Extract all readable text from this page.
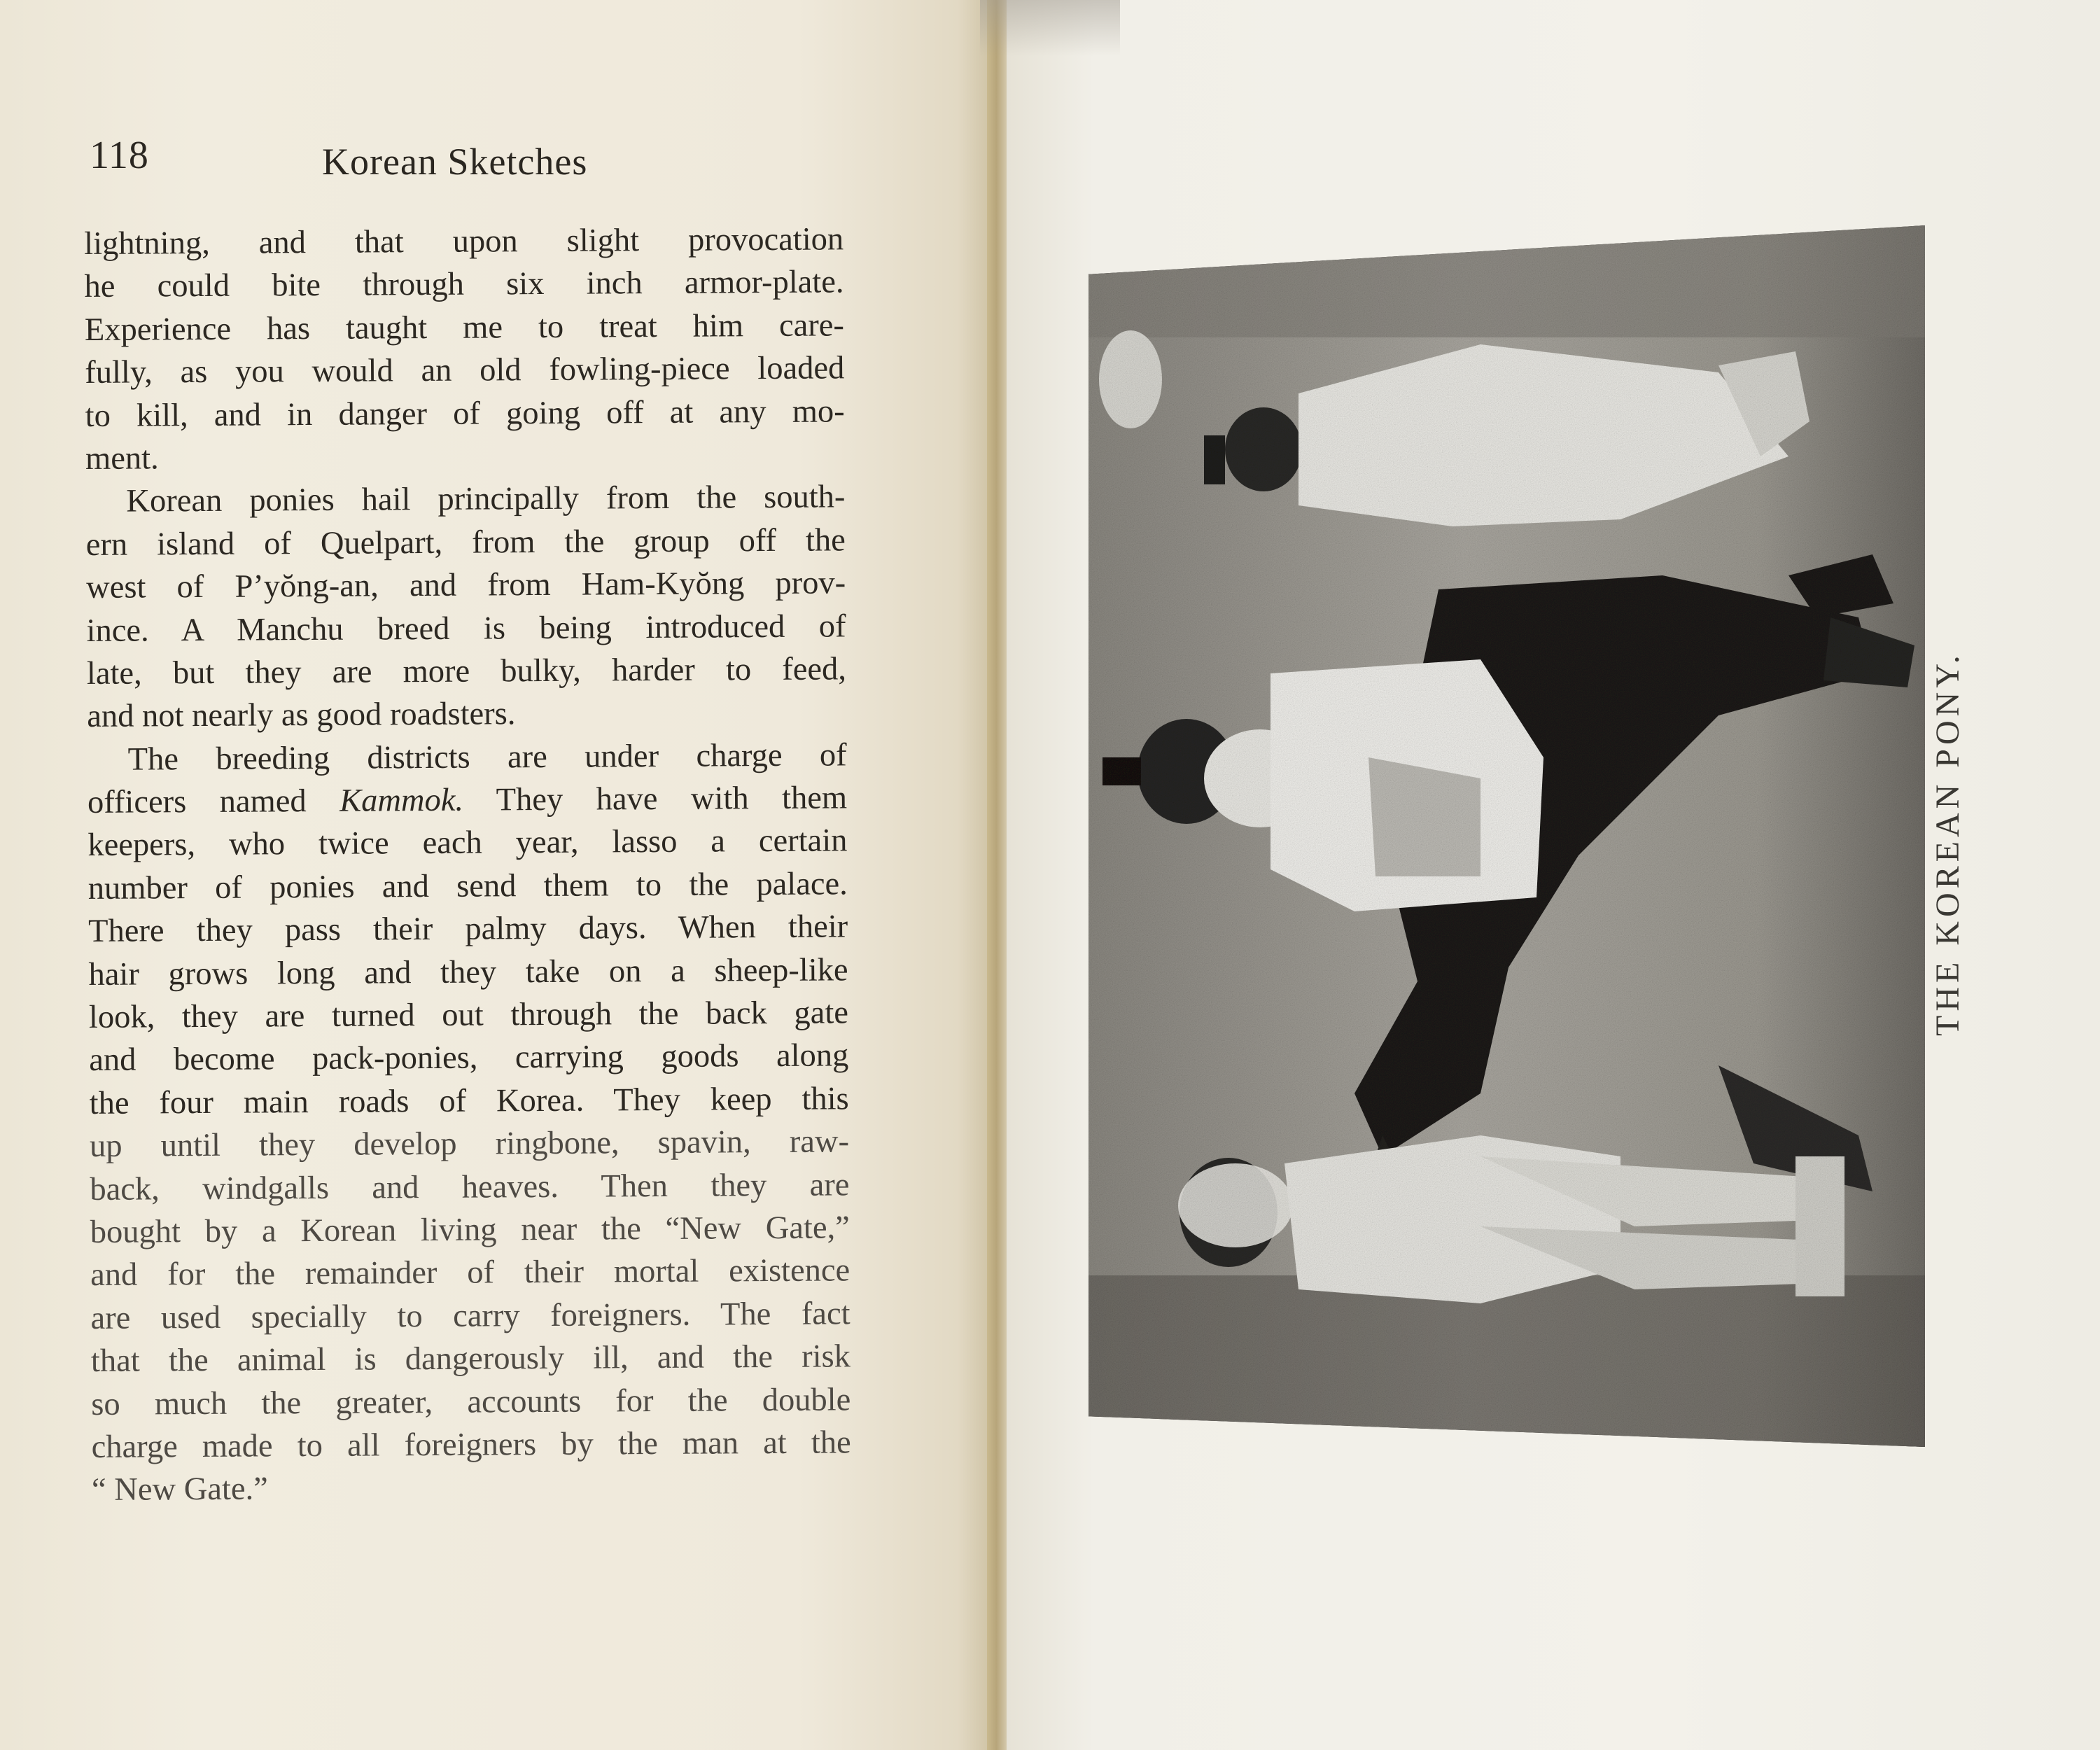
118	Korean Sketches
lightning, and that upon slight provocation
he could bite through six inch armor-plate.
Experience has taught me to treat him care-
fully, as you would an old fowling-piece loaded
to kill, and in danger of going off at any mo-
ment.
Korean ponies hail principally from the south-
ern island of Quelpart, from the group off the
west of P’yŏng-an, and from Ham-Kyŏng prov-
ince. A Manchu breed is being introduced of
late, but they are more bulky, harder to feed,
and not nearly as good roadsters.
The breeding districts are under charge of
officers named Kammok. They have with them
keepers, who twice each year, lasso a certain
number of ponies and send them to the palace.
There they pass their palmy days. When their
hair grows long and they take on a sheep-like
look, they are turned out through the back gate
and become pack-ponies, carrying goods along
the four main roads of Korea. They keep this
up until they develop ringbone, spavin, raw-
back, windgalls and heaves. Then they are
bought by a Korean living near the “New Gate,”
and for the remainder of their mortal existence
are used specially to carry foreigners. The fact
that the animal is dangerously ill, and the risk
so much the greater, accounts for the double
charge made to all foreigners by the man at the
“ New Gate.”
THE KOREAN PONY.
